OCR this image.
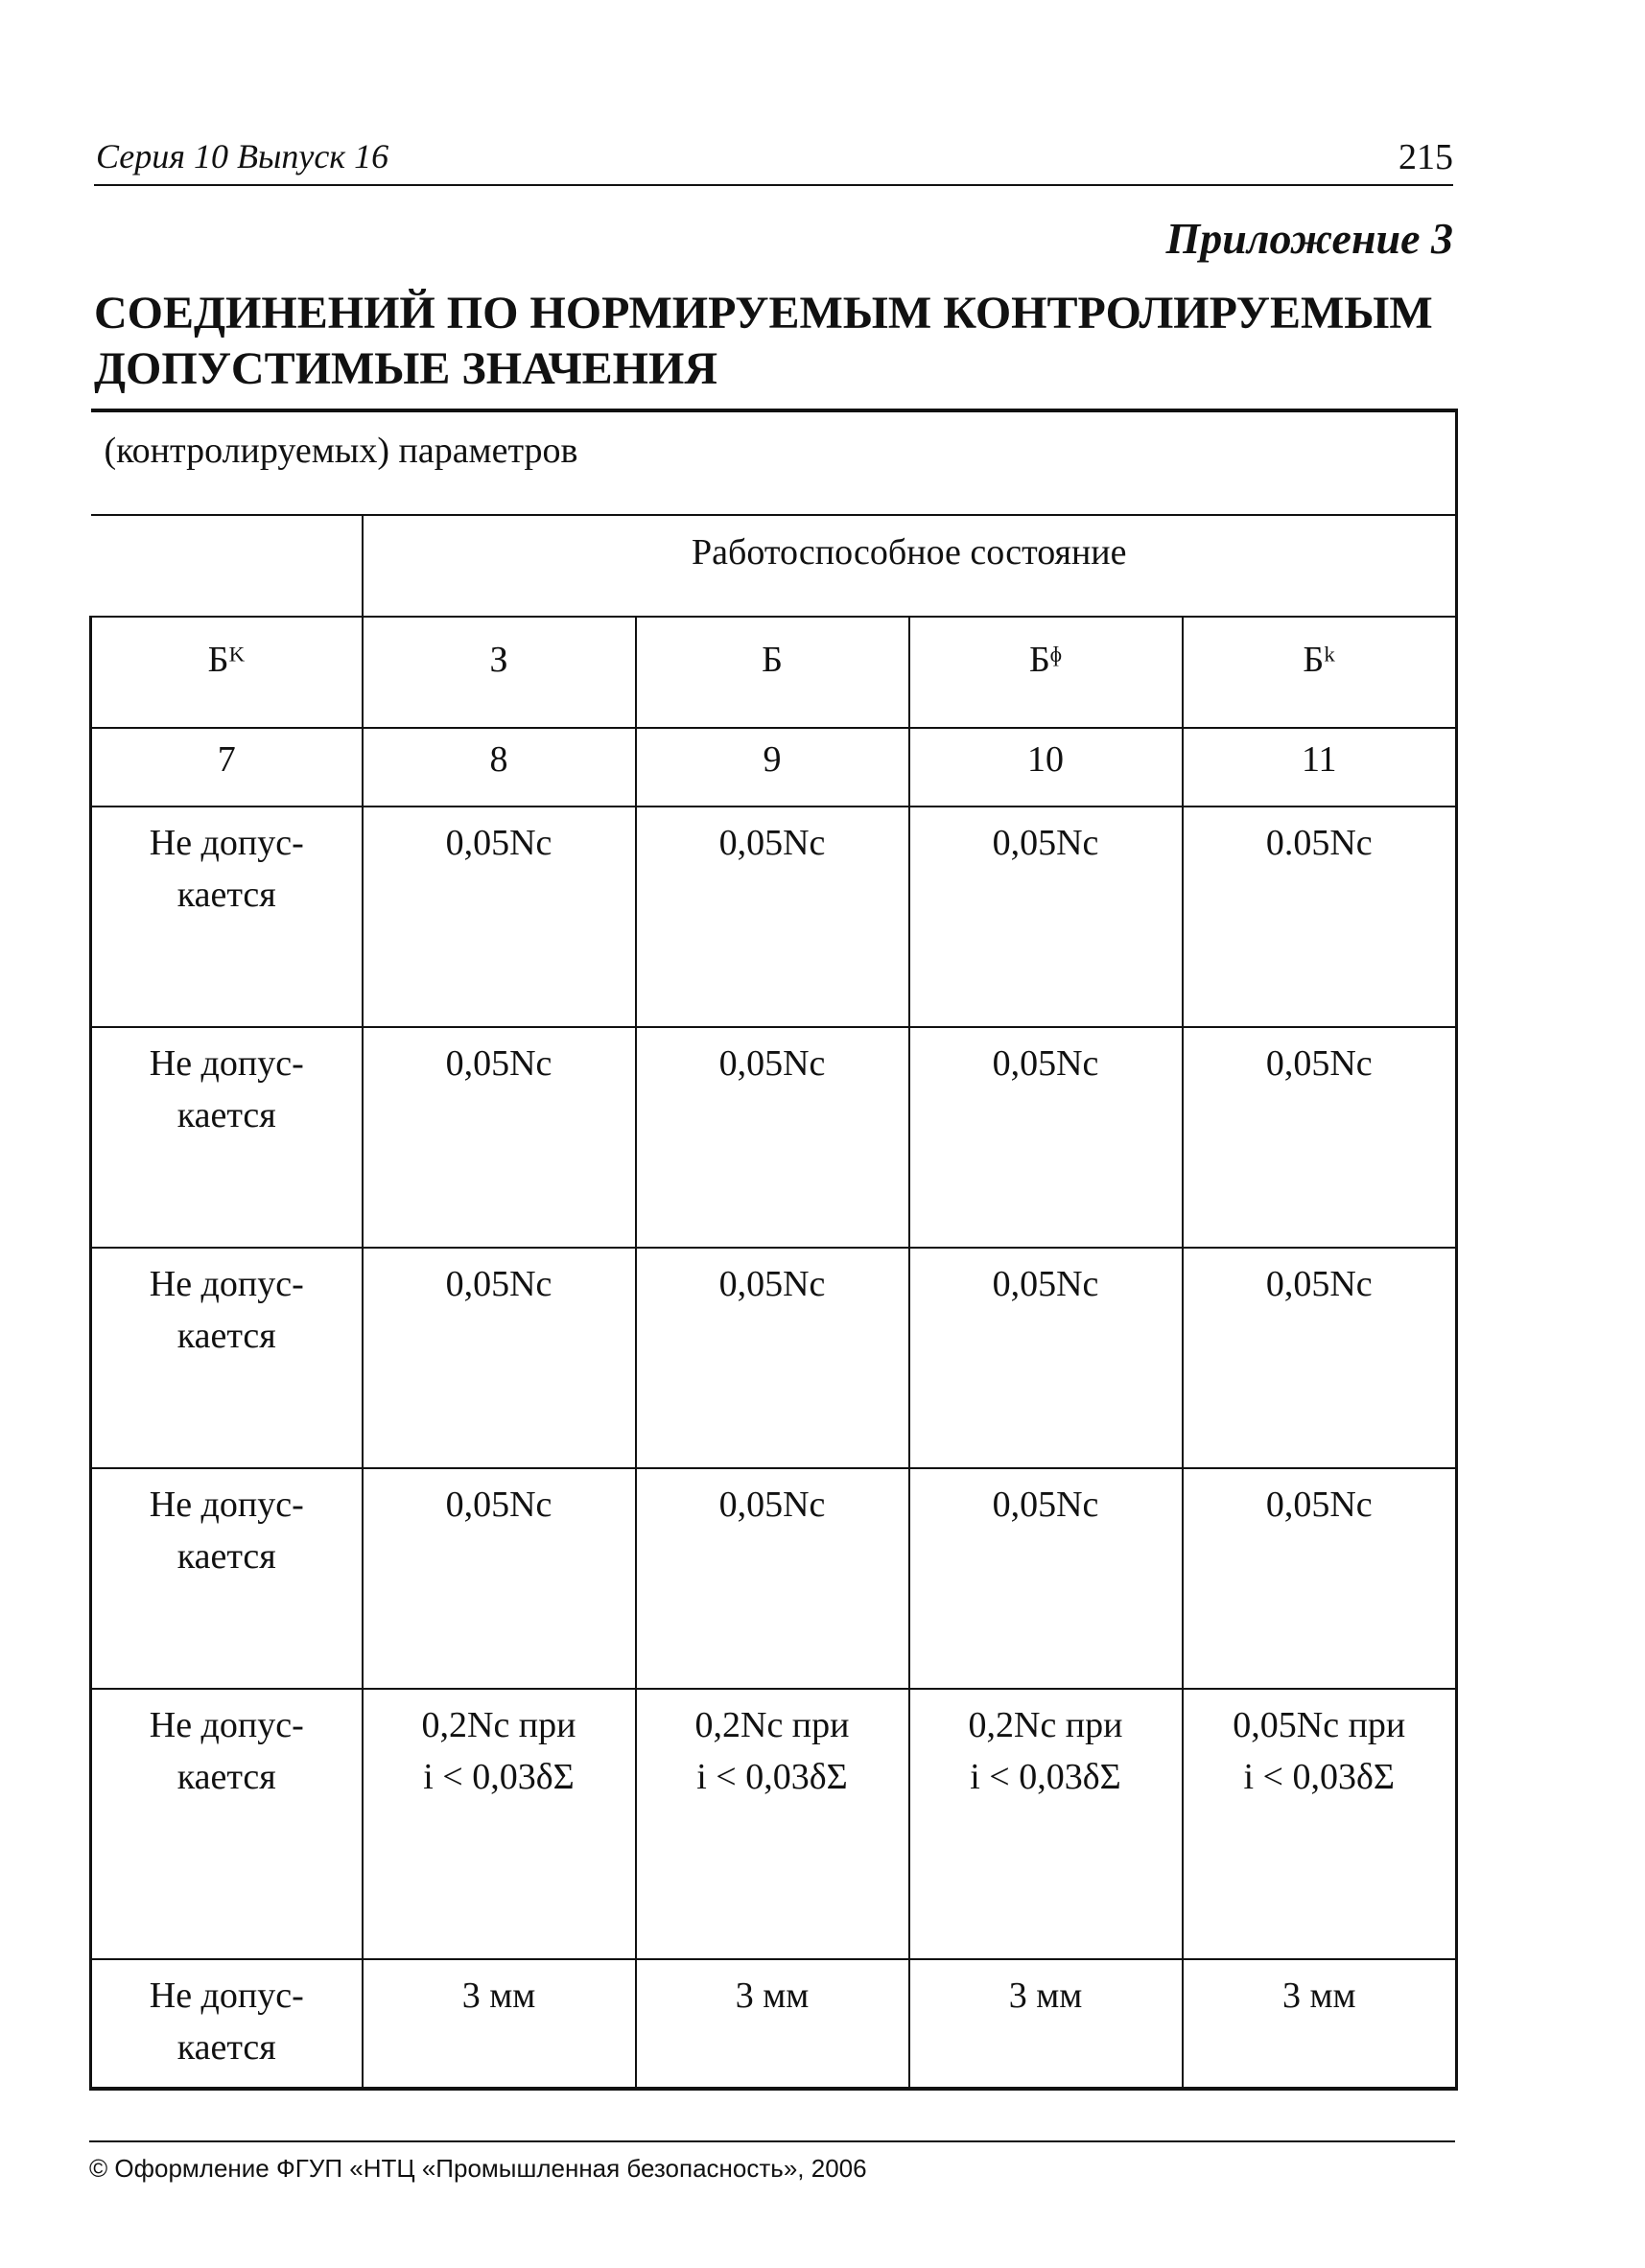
Серия 10 Выпуск 16	215
Приложение 3
СОЕДИНЕНИЙ ПО НОРМИРУЕМЫМ КОНТРОЛИРУЕМЫМ
ДОПУСТИМЫЕ ЗНАЧЕНИЯ
(контролируемых) параметров				
	Работоспособное состояние			
Бᴷ	З	Б	Бᶲ	Бᵏ
7	8	9	10	11

Не допус-
кается	0,05Nс	0,05Nс	0,05Nс	0.05Nс

Не допус-
кается	0,05Nс	0,05Nс	0,05Nс	0,05Nс

Не допус-
кается	0,05Nс	0,05Nс	0,05Nс	0,05Nс

Не допус-
кается	0,05Nс	0,05Nс	0,05Nс	0,05Nс

Не допус-
кается	0,2Nс при
i < 0,03δΣ	0,2Nс при
i < 0,03δΣ	0,2Nс при
i < 0,03δΣ	0,05Nс при
i < 0,03δΣ

Не допус-
кается	3 мм	3 мм	3 мм	3 мм
© Оформление ФГУП «НТЦ «Промышленная безопасность», 2006
